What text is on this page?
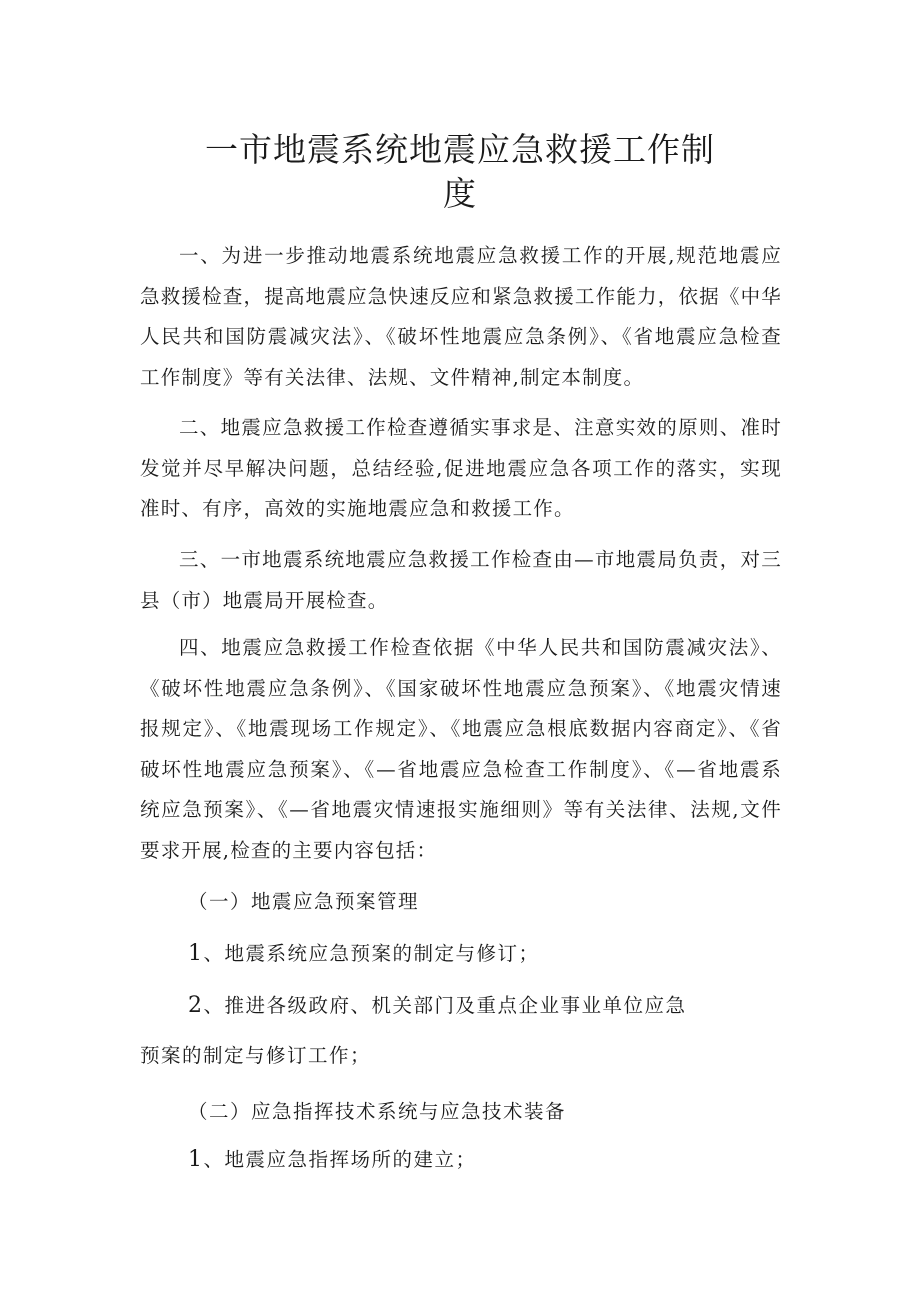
一市地震系统地震应急救援工作制
度

一、为进一步推动地震系统地震应急救援工作的开展,规范地震应急救援检查，提高地震应急快速反应和紧急救援工作能力，依据《中华人民共和国防震减灾法》、《破坏性地震应急条例》、《省地震应急检查工作制度》等有关法律、法规、文件精神,制定本制度。

二、地震应急救援工作检查遵循实事求是、注意实效的原则、准时发觉并尽早解决问题，总结经验,促进地震应急各项工作的落实，实现准时、有序，高效的实施地震应急和救援工作。

三、一市地震系统地震应急救援工作检查由—市地震局负责，对三县（市）地震局开展检查。

四、地震应急救援工作检查依据《中华人民共和国防震减灾法》、《破坏性地震应急条例》、《国家破坏性地震应急预案》、《地震灾情速报规定》、《地震现场工作规定》、《地震应急根底数据内容商定》、《省破坏性地震应急预案》、《—省地震应急检查工作制度》、《—省地震系统应急预案》、《—省地震灾情速报实施细则》等有关法律、法规,文件要求开展,检查的主要内容包括：

（一）地震应急预案管理
1、地震系统应急预案的制定与修订；
2、推进各级政府、机关部门及重点企业事业单位应急
预案的制定与修订工作；
（二）应急指挥技术系统与应急技术装备
1、地震应急指挥场所的建立；
